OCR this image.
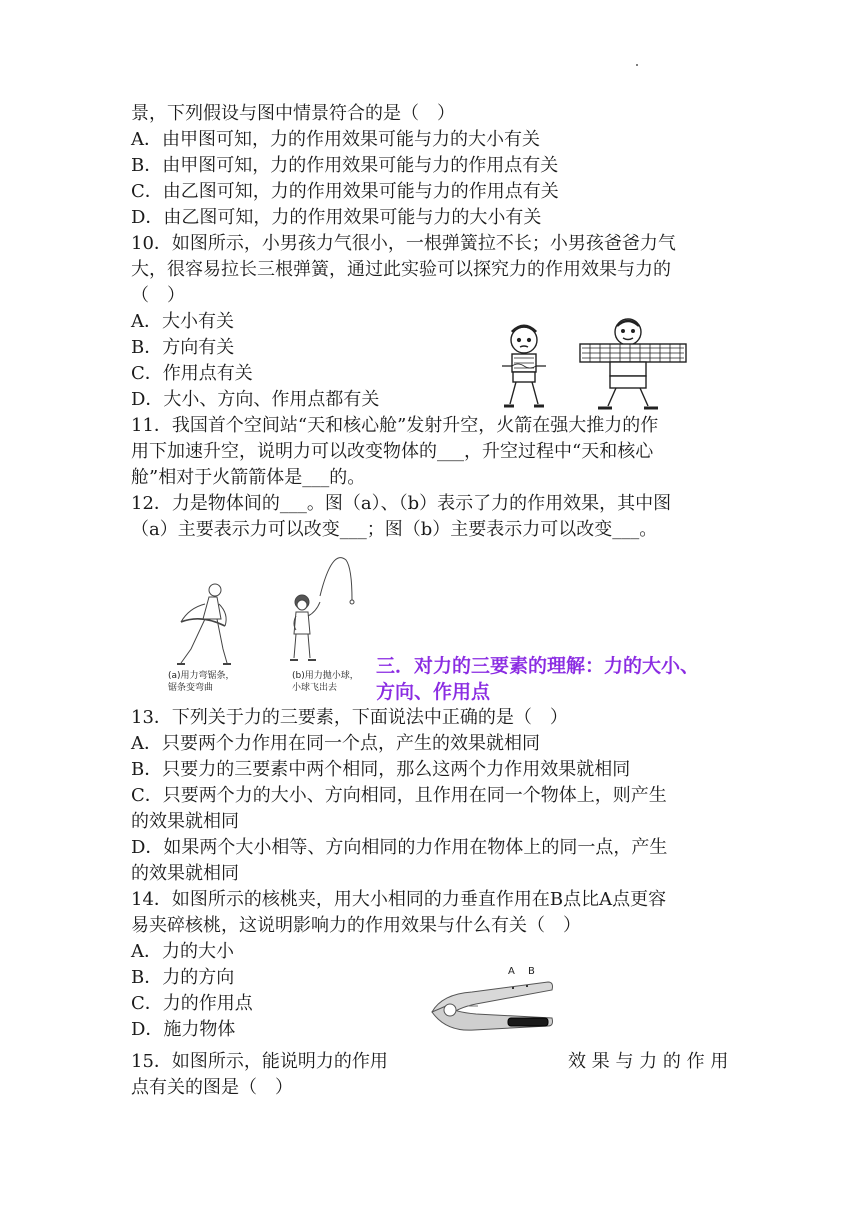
景，下列假设与图中情景符合的是（　）
A．由甲图可知，力的作用效果可能与力的大小有关
B．由甲图可知，力的作用效果可能与力的作用点有关
C．由乙图可知，力的作用效果可能与力的作用点有关
D．由乙图可知，力的作用效果可能与力的大小有关
10．如图所示，小男孩力气很小，一根弹簧拉不长；小男孩爸爸力气
大，很容易拉长三根弹簧，通过此实验可以探究力的作用效果与力的
（　）
A．大小有关
B．方向有关
C．作用点有关
D．大小、方向、作用点都有关
11．我国首个空间站“天和核心舱”发射升空，火箭在强大推力的作
用下加速升空，说明力可以改变物体的___，升空过程中“天和核心
舱”相对于火箭箭体是___的。
12．力是物体间的___。图（a）、（b）表示了力的作用效果，其中图
（a）主要表示力可以改变___；图（b）主要表示力可以改变___。
三．对力的三要素的理解：力的大小、
方向、作用点
13．下列关于力的三要素，下面说法中正确的是（　）
A．只要两个力作用在同一个点，产生的效果就相同
B．只要力的三要素中两个相同，那么这两个力作用效果就相同
C．只要两个力的大小、方向相同，且作用在同一个物体上，则产生
的效果就相同
D．如果两个大小相等、方向相同的力作用在物体上的同一点，产生
的效果就相同
14．如图所示的核桃夹，用大小相同的力垂直作用在B点比A点更容
易夹碎核桃，这说明影响力的作用效果与什么有关（　）
A．力的大小
B．力的方向
C．力的作用点
D．施力物体
15．如图所示，能说明力的作用	效 果 与 力 的 作 用
点有关的图是（　）
(a)用力弯锯条，
锯条变弯曲
(b)用力抛小球，
小球飞出去
A B
